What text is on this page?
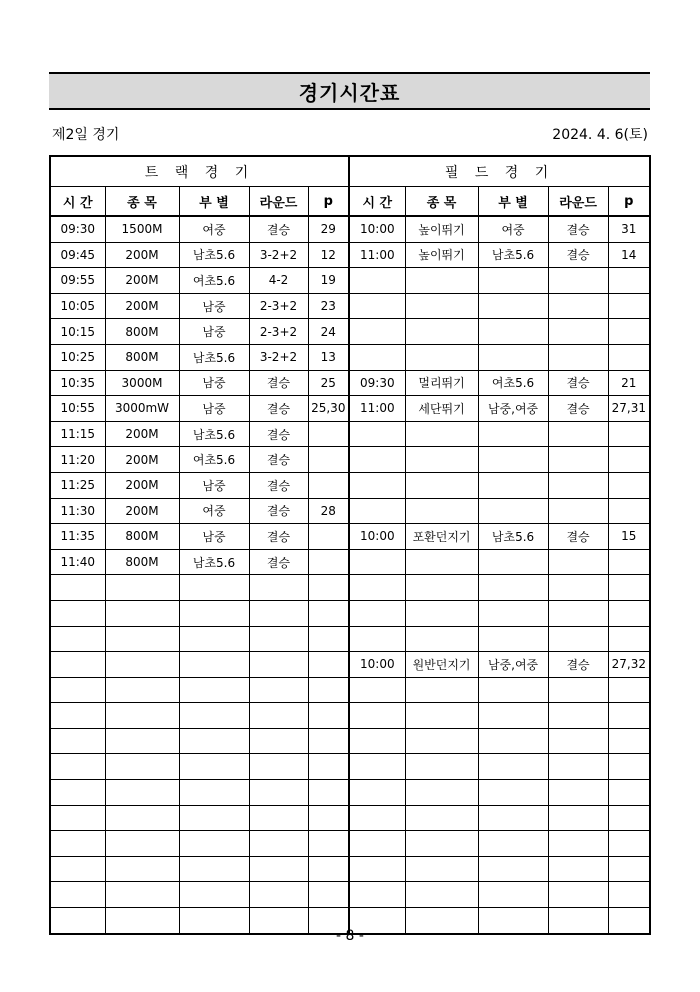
경기시간표
제2일 경기	2024. 4. 6(토)
트 랙 경 기					필 드 경 기				
시 간	종 목	부 별	라운드	p	시 간	종 목	부 별	라운드	p
09:30	1500M	여중	결승	29	10:00	높이뛰기	여중	결승	31
09:45	200M	남초5.6	3-2+2	12	11:00	높이뛰기	남초5.6	결승	14
09:55	200M	여초5.6	4-2	19					
10:05	200M	남중	2-3+2	23					
10:15	800M	남중	2-3+2	24					
10:25	800M	남초5.6	3-2+2	13					
10:35	3000M	남중	결승	25	09:30	멀리뛰기	여초5.6	결승	21
10:55	3000mW	남중	결승	25,30	11:00	세단뛰기	남중,여중	결승	27,31
11:15	200M	남초5.6	결승						
11:20	200M	여초5.6	결승						
11:25	200M	남중	결승						
11:30	200M	여중	결승	28					
11:35	800M	남중	결승		10:00	포환던지기	남초5.6	결승	15
11:40	800M	남초5.6	결승						

					10:00	원반던지기	남중,여중	결승	27,32

- 8 -
